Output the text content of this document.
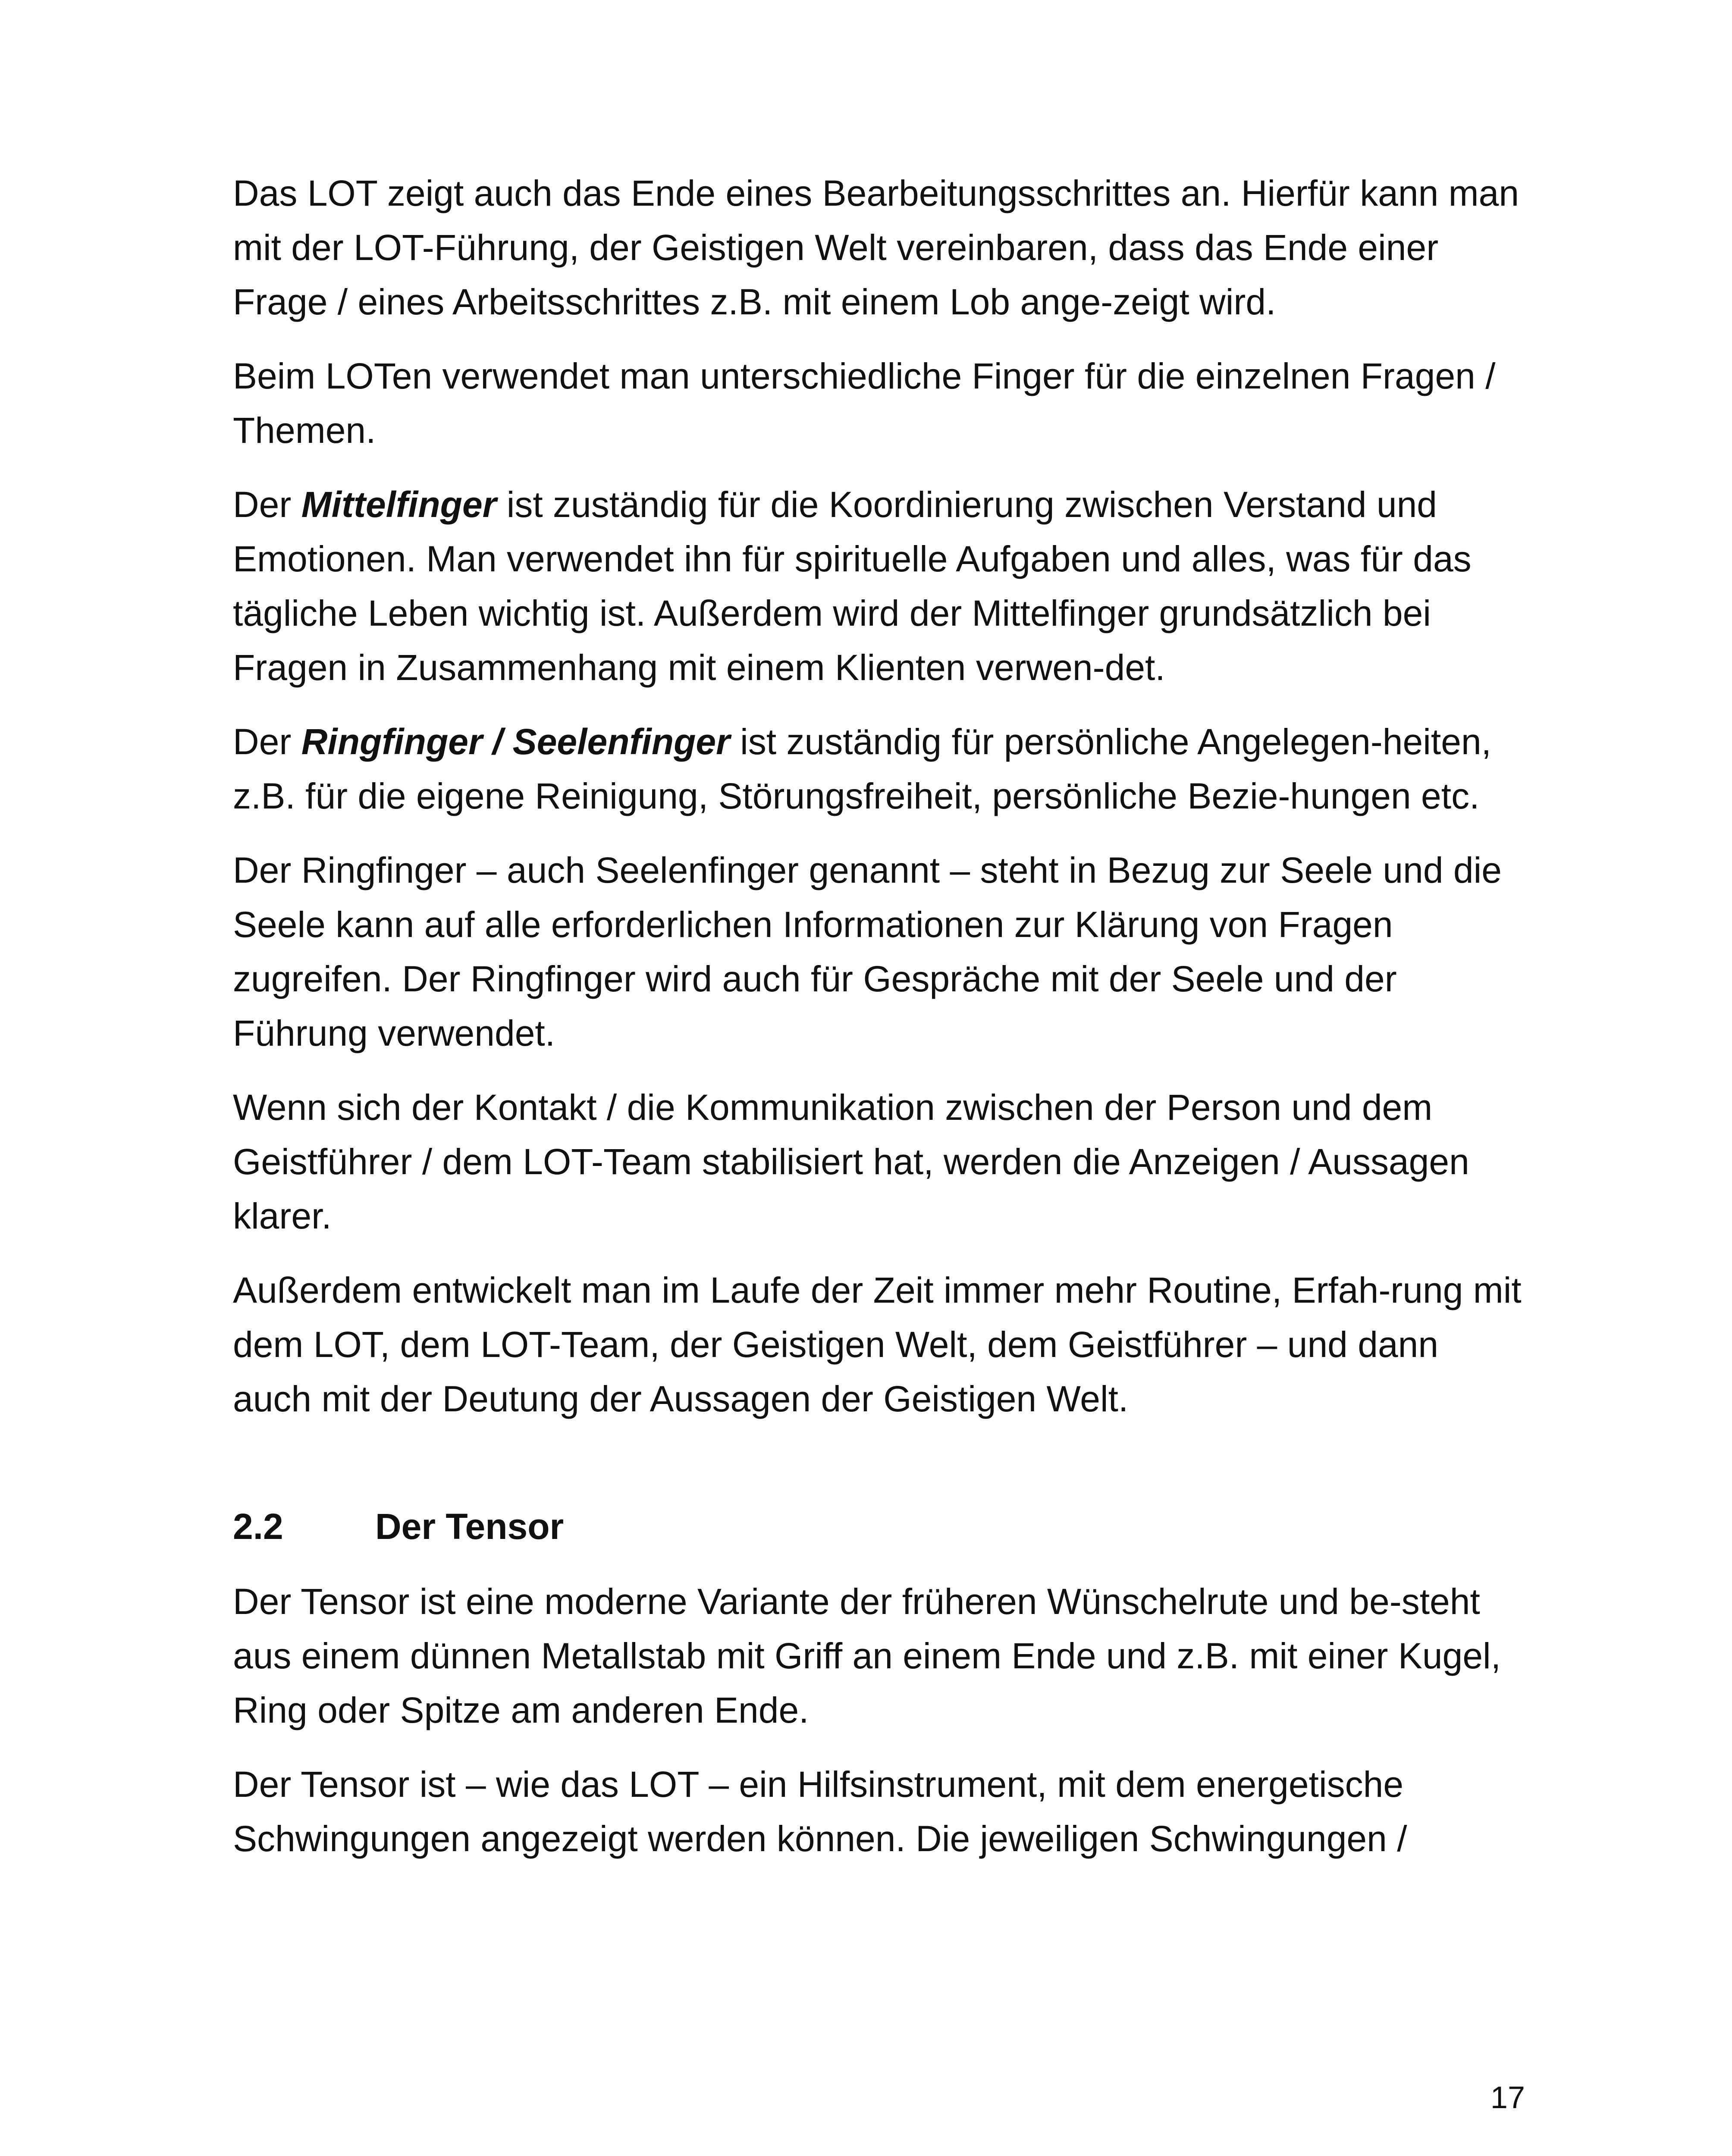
Das LOT zeigt auch das Ende eines Bearbeitungsschrittes an. Hierfür kann man mit der LOT-Führung, der Geistigen Welt vereinbaren, dass das Ende einer Frage / eines Arbeitsschrittes z.B. mit einem Lob ange-zeigt wird.

Beim LOTen verwendet man unterschiedliche Finger für die einzelnen Fragen / Themen.

Der Mittelfinger ist zuständig für die Koordinierung zwischen Verstand und Emotionen. Man verwendet ihn für spirituelle Aufgaben und alles, was für das tägliche Leben wichtig ist. Außerdem wird der Mittelfinger grundsätzlich bei Fragen in Zusammenhang mit einem Klienten verwen-det.

Der Ringfinger / Seelenfinger ist zuständig für persönliche Angelegen-heiten, z.B. für die eigene Reinigung, Störungsfreiheit, persönliche Bezie-hungen etc.

Der Ringfinger – auch Seelenfinger genannt – steht in Bezug zur Seele und die Seele kann auf alle erforderlichen Informationen zur Klärung von Fragen zugreifen. Der Ringfinger wird auch für Gespräche mit der Seele und der Führung verwendet.

Wenn sich der Kontakt / die Kommunikation zwischen der Person und dem Geistführer / dem LOT-Team stabilisiert hat, werden die Anzeigen / Aussagen klarer.

Außerdem entwickelt man im Laufe der Zeit immer mehr Routine, Erfah-rung mit dem LOT, dem LOT-Team, der Geistigen Welt, dem Geistführer – und dann auch mit der Deutung der Aussagen der Geistigen Welt.

2.2	Der Tensor

Der Tensor ist eine moderne Variante der früheren Wünschelrute und be-steht aus einem dünnen Metallstab mit Griff an einem Ende und z.B. mit einer Kugel, Ring oder Spitze am anderen Ende.

Der Tensor ist – wie das LOT – ein Hilfsinstrument, mit dem energetische Schwingungen angezeigt werden können. Die jeweiligen Schwingungen /

17
